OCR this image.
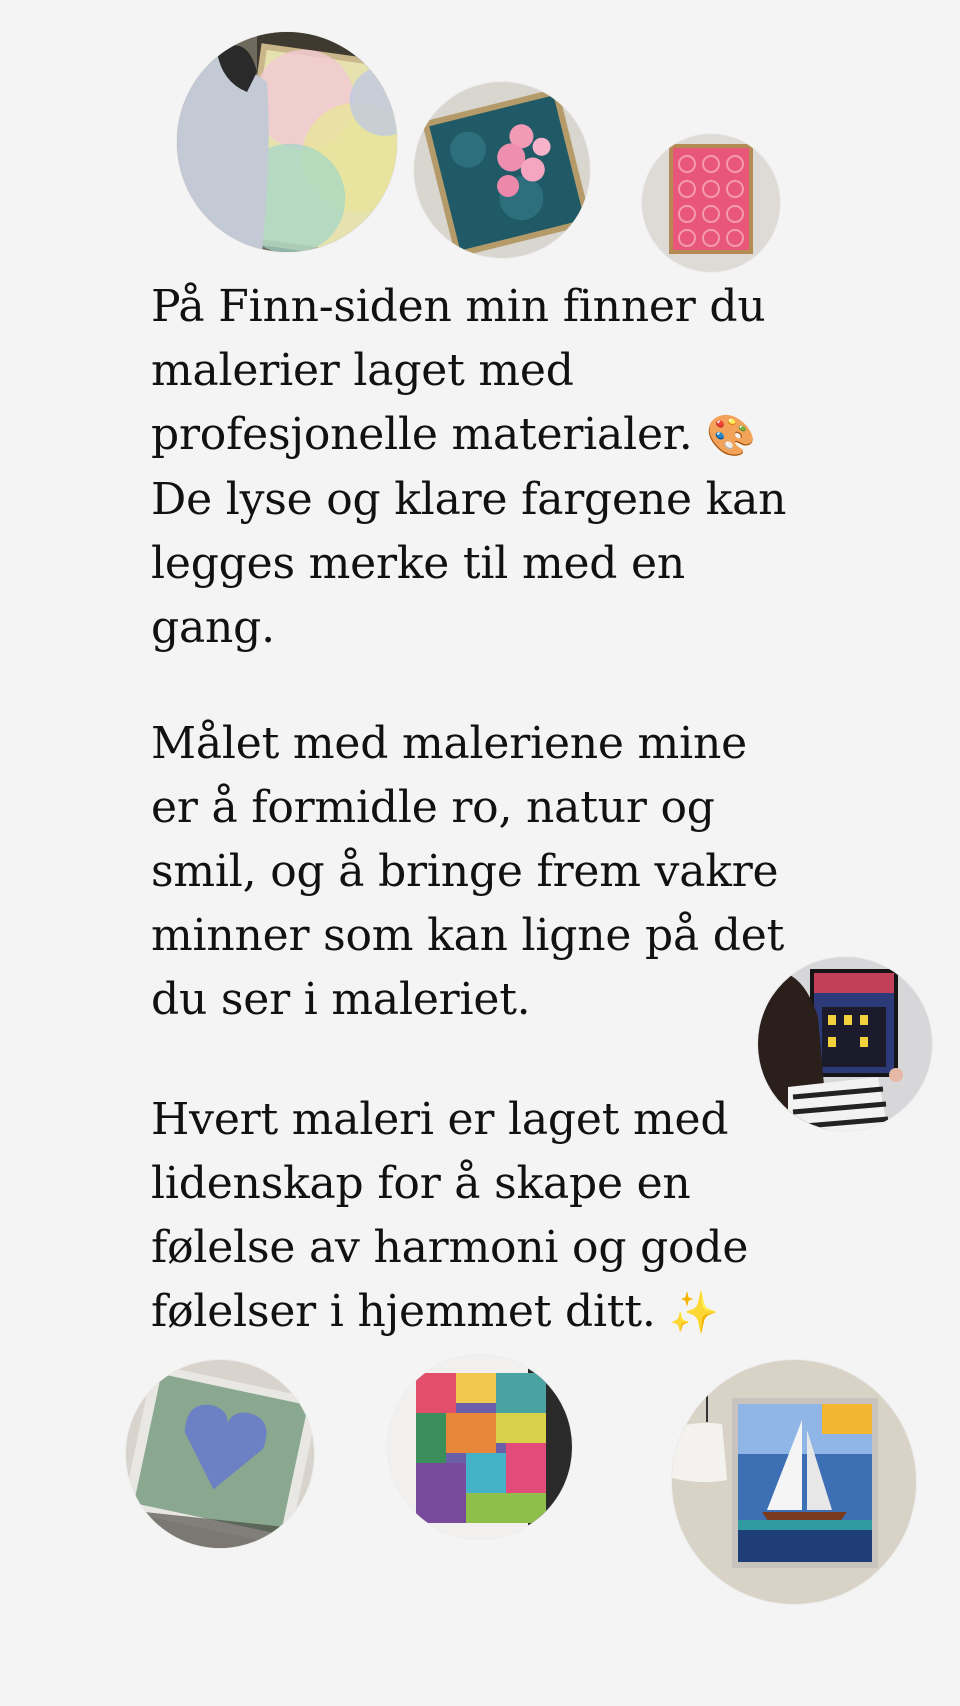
På Finn-siden min finner du
malerier laget med
profesjonelle materialer. 🎨
De lyse og klare fargene kan
legges merke til med en
gang.

Målet med maleriene mine
er å formidle ro, natur og
smil, og å bringe frem vakre
minner som kan ligne på det
du ser i maleriet.

Hvert maleri er laget med
lidenskap for å skape en
følelse av harmoni og gode
følelser i hjemmet ditt. ✨
